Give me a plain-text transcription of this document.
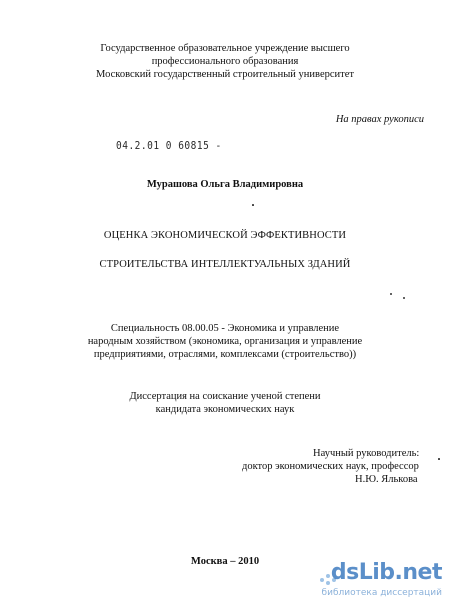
Государственное образовательное учреждение высшего
профессионального образования
Московский государственный строительный университет
На правах рукописи
04.2.01 0 60815 -
Мурашова Ольга Владимировна
ОЦЕНКА ЭКОНОМИЧЕСКОЙ ЭФФЕКТИВНОСТИ
СТРОИТЕЛЬСТВА ИНТЕЛЛЕКТУАЛЬНЫХ ЗДАНИЙ
Специальность 08.00.05 - Экономика и управление
народным хозяйством (экономика, организация и управление
предприятиями, отраслями, комплексами (строительство))
Диссертация на соискание ученой степени
кандидата экономических наук
Научный руководитель:
доктор экономических наук, профессор
Н.Ю. Ялькова
Москва – 2010	dsLib.net
библиотека диссертаций
